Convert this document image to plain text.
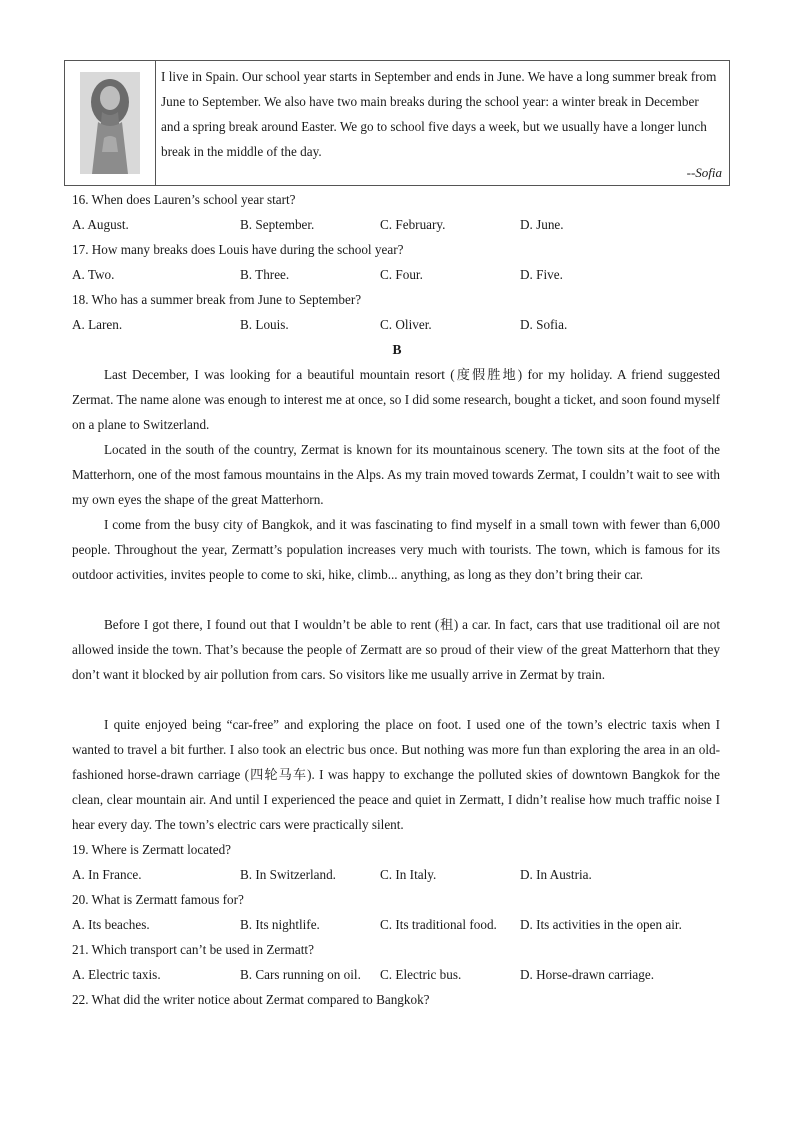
I live in Spain. Our school year starts in September and ends in June. We have a long summer break from June to September. We also have two main breaks during the school year: a winter break in December and a spring break around Easter. We go to school five days a week, but we usually have a longer lunch break in the middle of the day.
--Sofia
16. When does Lauren’s school year start?
A. August.	B. September.	C. February.	D. June.
17. How many breaks does Louis have during the school year?
A. Two.	B. Three.	C. Four.	D. Five.
18. Who has a summer break from June to September?
A. Laren.	B. Louis.	C. Oliver.	D. Sofia.
B

Last December, I was looking for a beautiful mountain resort (度假胜地) for my holiday. A friend suggested Zermat. The name alone was enough to interest me at once, so I did some research, bought a ticket, and soon found myself on a plane to Switzerland.

Located in the south of the country, Zermat is known for its mountainous scenery. The town sits at the foot of the Matterhorn, one of the most famous mountains in the Alps. As my train moved towards Zermat, I couldn’t wait to see with my own eyes the shape of the great Matterhorn.

I come from the busy city of Bangkok, and it was fascinating to find myself in a small town with fewer than 6,000 people. Throughout the year, Zermatt’s population increases very much with tourists. The town, which is famous for its outdoor activities, invites people to come to ski, hike, climb... anything, as long as they don’t bring their car.

Before I got there, I found out that I wouldn’t be able to rent (租) a car. In fact, cars that use traditional oil are not allowed inside the town. That’s because the people of Zermatt are so proud of their view of the great Matterhorn that they don’t want it blocked by air pollution from cars. So visitors like me usually arrive in Zermat by train.

I quite enjoyed being “car-free” and exploring the place on foot. I used one of the town’s electric taxis when I wanted to travel a bit further. I also took an electric bus once. But nothing was more fun than exploring the area in an old-fashioned horse-drawn carriage (四轮马车). I was happy to exchange the polluted skies of downtown Bangkok for the clean, clear mountain air. And until I experienced the peace and quiet in Zermatt, I didn’t realise how much traffic noise I hear every day. The town’s electric cars were practically silent.

19. Where is Zermatt located?
A. In France.	B. In Switzerland.	C. In Italy.	D. In Austria.
20. What is Zermatt famous for?
A. Its beaches.	B. Its nightlife.	C. Its traditional food. D. Its activities in the open air.
21. Which transport can’t be used in Zermatt?
A. Electric taxis.	B. Cars running on oil. C. Electric bus.	D. Horse-drawn carriage.
22. What did the writer notice about Zermat compared to Bangkok?
